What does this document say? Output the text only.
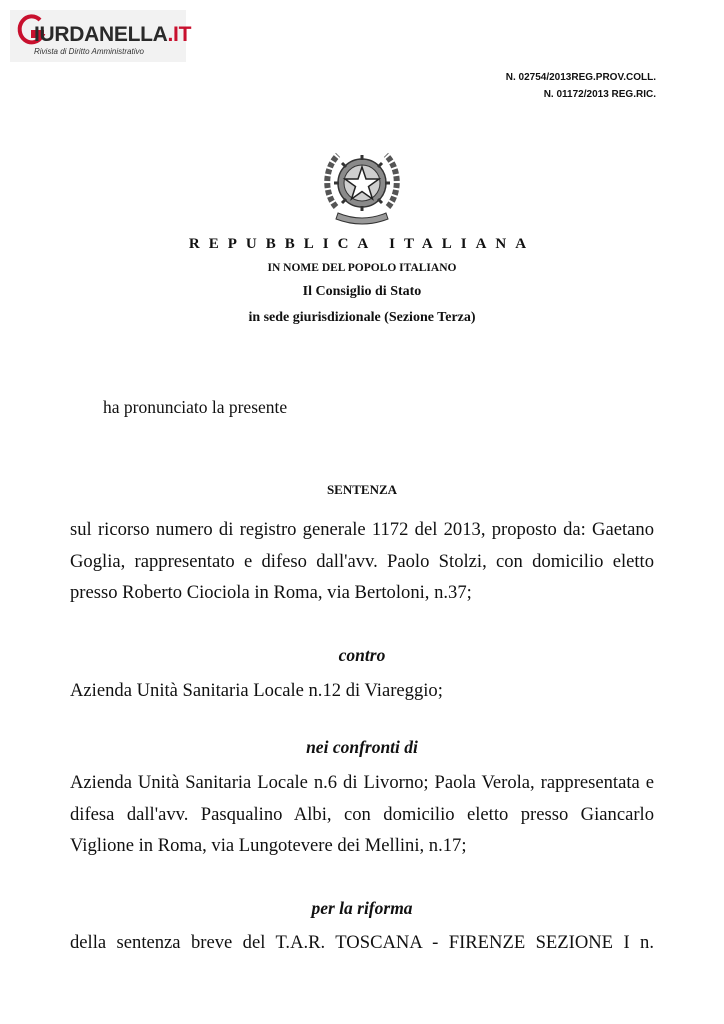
IURDANELLA.IT
Rivista di Diritto Amministrativo
N. 02754/2013REG.PROV.COLL.
N. 01172/2013 REG.RIC.
REPUBBLICA ITALIANA
IN NOME DEL POPOLO ITALIANO
Il Consiglio di Stato
in sede giurisdizionale (Sezione Terza)
ha pronunciato la presente
SENTENZA
sul ricorso numero di registro generale 1172 del 2013, proposto da: Gaetano Goglia, rappresentato e difeso dall'avv. Paolo Stolzi, con domicilio eletto presso Roberto Ciociola in Roma, via Bertoloni, n.37;
contro
Azienda Unità Sanitaria Locale n.12 di Viareggio;
nei confronti di
Azienda Unità Sanitaria Locale n.6 di Livorno; Paola Verola, rappresentata e difesa dall'avv. Pasqualino Albi, con domicilio eletto presso Giancarlo Viglione in Roma, via Lungotevere dei Mellini, n.17;
per la riforma
della sentenza breve del T.A.R. TOSCANA - FIRENZE SEZIONE I n.
